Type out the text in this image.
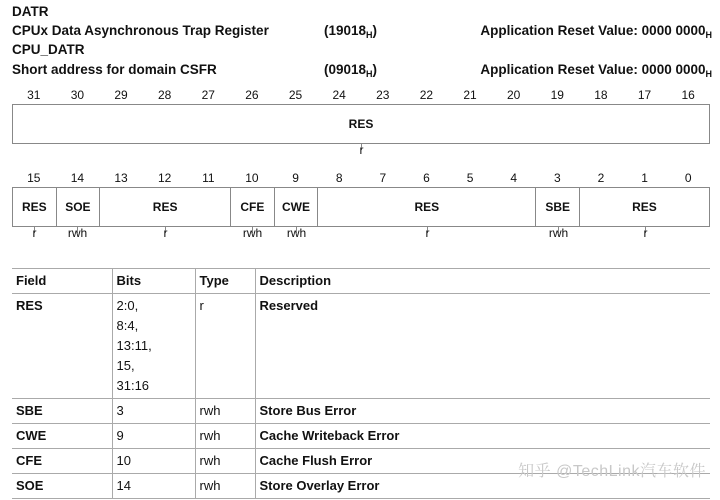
DATR
CPUx Data Asynchronous Trap Register	$(19018_H)$	Application Reset Value: 0000 $0000_H$
CPU_DATR
Short address for domain CSFR	$(09018_H)$	Application Reset Value: 0000 $0000_H$
31	30	29	28	27	26	25	24	23	22	21	20	19	18	17	16
RES
r
15	14	13	12	11	10	9	8	7	6	5	4	3	2	1	0
RES	SOE	RES	CFE	CWE	RES	SBE	RES
r	rwh	r	rwh	rwh	r	rwh	r
Field	Bits	Type	Description
RES	2:0,
8:4,
13:11,
15,
31:16	r	Reserved
SBE	3	rwh	Store Bus Error
CWE	9	rwh	Cache Writeback Error
CFE	10	rwh	Cache Flush Error
SOE	14	rwh	Store Overlay Error
知乎 @TechLink汽车软件
